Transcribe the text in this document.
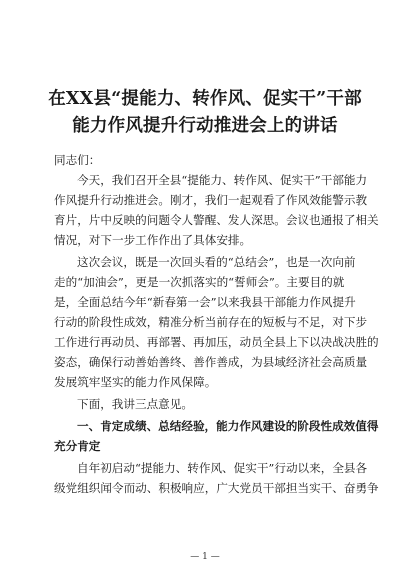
在XX县“提能力、转作风、促实干”干部
能力作风提升行动推进会上的讲话
同志们：
今天，我们召开全县“提能力、转作风、促实干”干部能力
作风提升行动推进会。刚才，我们一起观看了作风效能警示教
育片，片中反映的问题令人警醒、发人深思。会议也通报了相关
情况，对下一步工作作出了具体安排。
这次会议，既是一次回头看的“总结会”，也是一次向前
走的“加油会”，更是一次抓落实的“誓师会”。主要目的就
是，全面总结今年“新春第一会”以来我县干部能力作风提升
行动的阶段性成效，精准分析当前存在的短板与不足，对下步
工作进行再动员、再部署、再加压，动员全县上下以决战决胜的
姿态，确保行动善始善终、善作善成，为县域经济社会高质量
发展筑牢坚实的能力作风保障。
下面，我讲三点意见。
一、肯定成绩、总结经验，能力作风建设的阶段性成效值得
充分肯定
自年初启动“提能力、转作风、促实干”行动以来，全县各
级党组织闻令而动、积极响应，广大党员干部担当实干、奋勇争
— 1 —
